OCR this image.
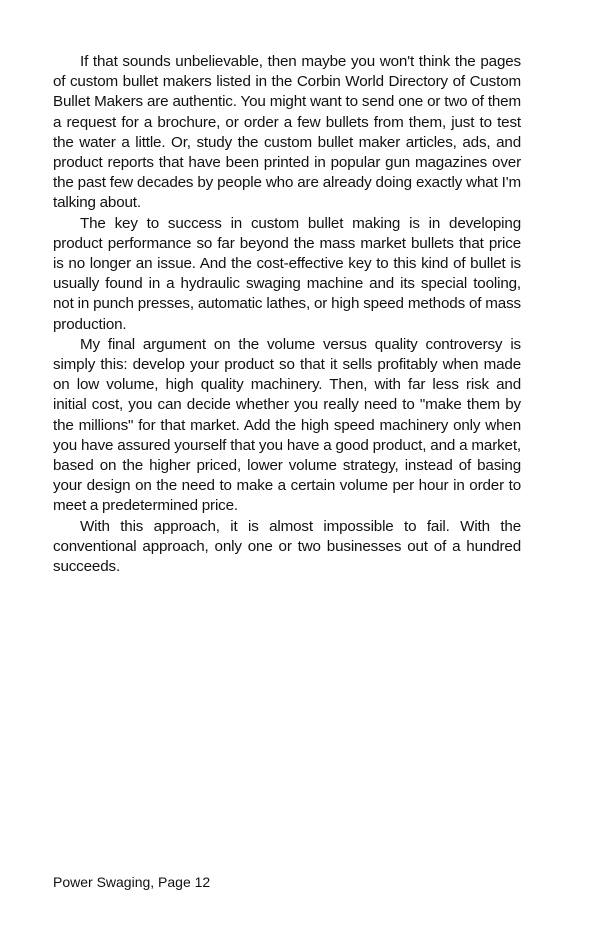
If that sounds unbelievable, then maybe you won't think the pages of custom bullet makers listed in the Corbin World Directory of Custom Bullet Makers are authentic. You might want to send one or two of them a request for a brochure, or order a few bullets from them, just to test the water a little. Or, study the custom bullet maker articles, ads, and product reports that have been printed in popular gun magazines over the past few decades by people who are already doing exactly what I'm talking about.

The key to success in custom bullet making is in developing product performance so far beyond the mass market bullets that price is no longer an issue. And the cost-effective key to this kind of bullet is usually found in a hydraulic swaging machine and its special tooling, not in punch presses, automatic lathes, or high speed methods of mass production.

My final argument on the volume versus quality controversy is simply this: develop your product so that it sells profitably when made on low volume, high quality machinery. Then, with far less risk and initial cost, you can decide whether you really need to "make them by the millions" for that market. Add the high speed machinery only when you have assured yourself that you have a good product, and a market, based on the higher priced, lower volume strategy, instead of basing your design on the need to make a certain volume per hour in order to meet a predetermined price.

With this approach, it is almost impossible to fail. With the conventional approach, only one or two businesses out of a hundred succeeds.

Power Swaging, Page 12
